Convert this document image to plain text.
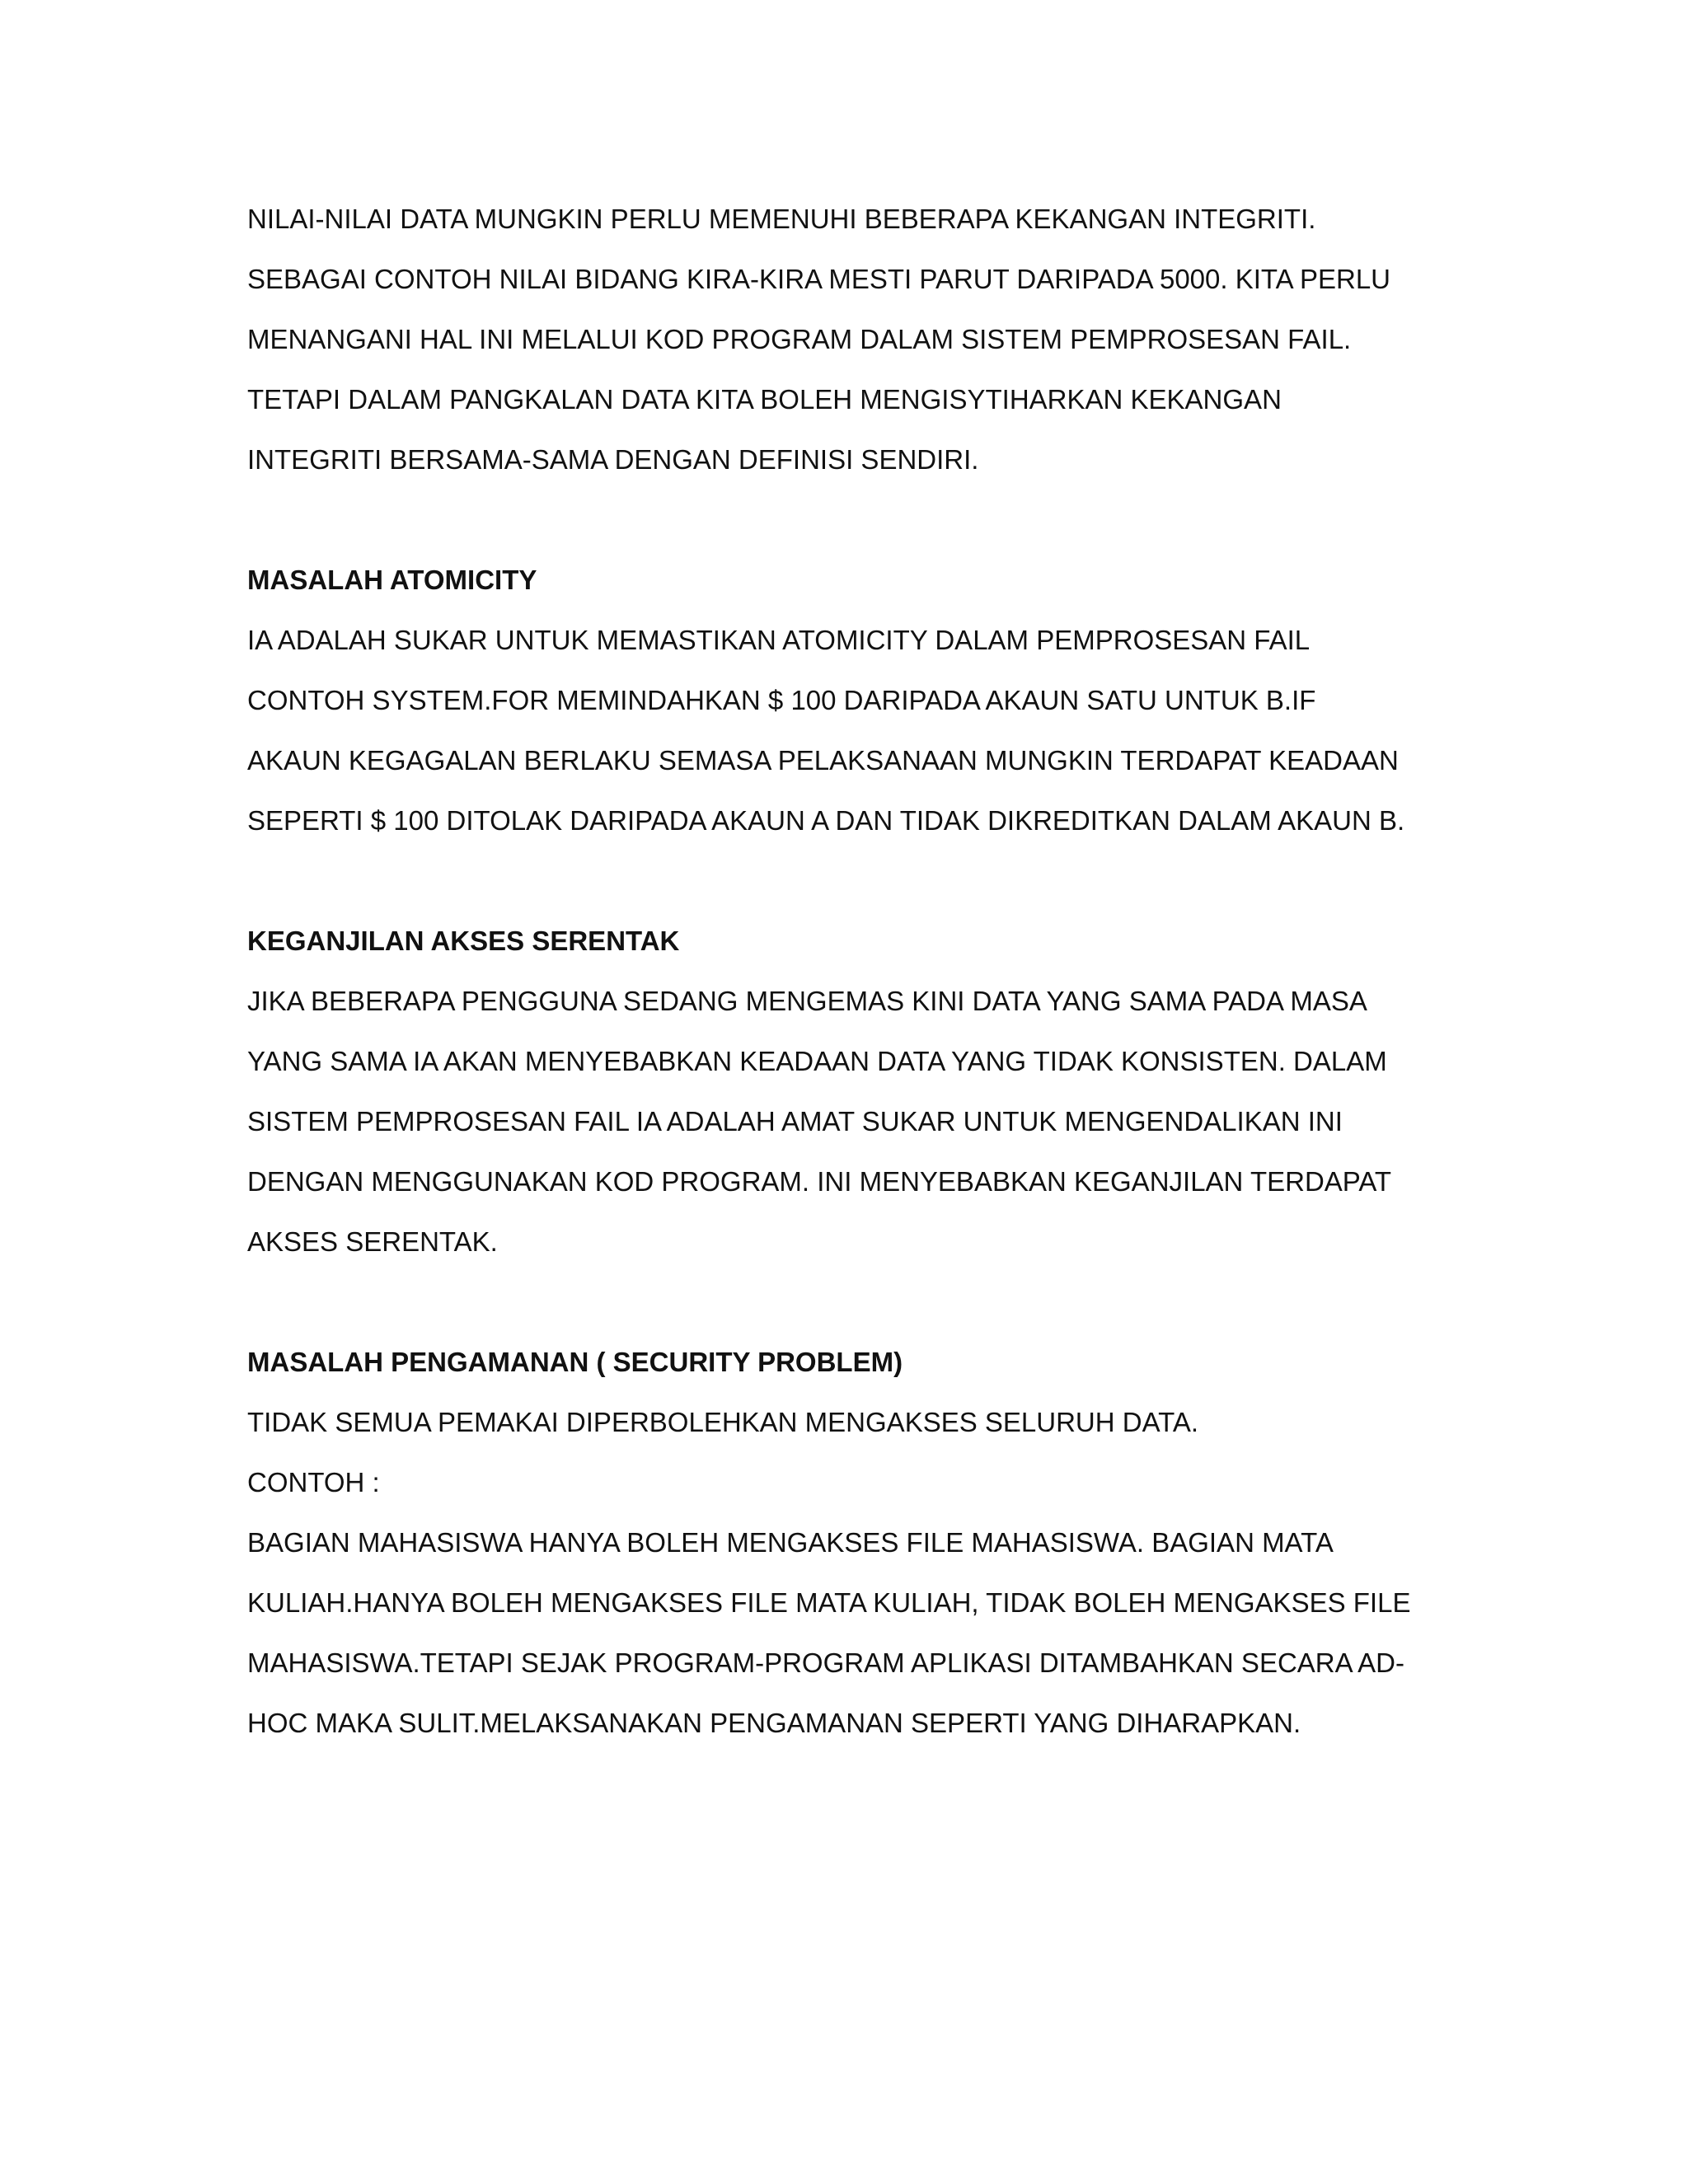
NILAI-NILAI DATA MUNGKIN PERLU MEMENUHI BEBERAPA KEKANGAN INTEGRITI.
SEBAGAI CONTOH NILAI BIDANG KIRA-KIRA MESTI PARUT DARIPADA 5000. KITA PERLU
MENANGANI HAL INI MELALUI KOD PROGRAM DALAM SISTEM PEMPROSESAN FAIL.
TETAPI DALAM PANGKALAN DATA KITA BOLEH MENGISYTIHARKAN KEKANGAN
INTEGRITI BERSAMA-SAMA DENGAN DEFINISI SENDIRI.
MASALAH ATOMICITY
IA ADALAH SUKAR UNTUK MEMASTIKAN ATOMICITY DALAM PEMPROSESAN FAIL
CONTOH SYSTEM.FOR MEMINDAHKAN $ 100 DARIPADA AKAUN SATU UNTUK B.IF
AKAUN KEGAGALAN BERLAKU SEMASA PELAKSANAAN MUNGKIN TERDAPAT KEADAAN
SEPERTI $ 100 DITOLAK DARIPADA AKAUN A DAN TIDAK DIKREDITKAN DALAM AKAUN B.
KEGANJILAN AKSES SERENTAK
JIKA BEBERAPA PENGGUNA SEDANG MENGEMAS KINI DATA YANG SAMA PADA MASA
YANG SAMA IA AKAN MENYEBABKAN KEADAAN DATA YANG TIDAK KONSISTEN. DALAM
SISTEM PEMPROSESAN FAIL IA ADALAH AMAT SUKAR UNTUK MENGENDALIKAN INI
DENGAN MENGGUNAKAN KOD PROGRAM. INI MENYEBABKAN KEGANJILAN TERDAPAT
AKSES SERENTAK.
MASALAH PENGAMANAN ( SECURITY PROBLEM)
TIDAK SEMUA PEMAKAI DIPERBOLEHKAN MENGAKSES SELURUH DATA.
CONTOH :
BAGIAN MAHASISWA HANYA BOLEH MENGAKSES FILE MAHASISWA. BAGIAN MATA
KULIAH.HANYA BOLEH MENGAKSES FILE MATA KULIAH, TIDAK BOLEH MENGAKSES FILE
MAHASISWA.TETAPI SEJAK PROGRAM-PROGRAM APLIKASI DITAMBAHKAN SECARA AD-
HOC MAKA SULIT.MELAKSANAKAN PENGAMANAN SEPERTI YANG DIHARAPKAN.
